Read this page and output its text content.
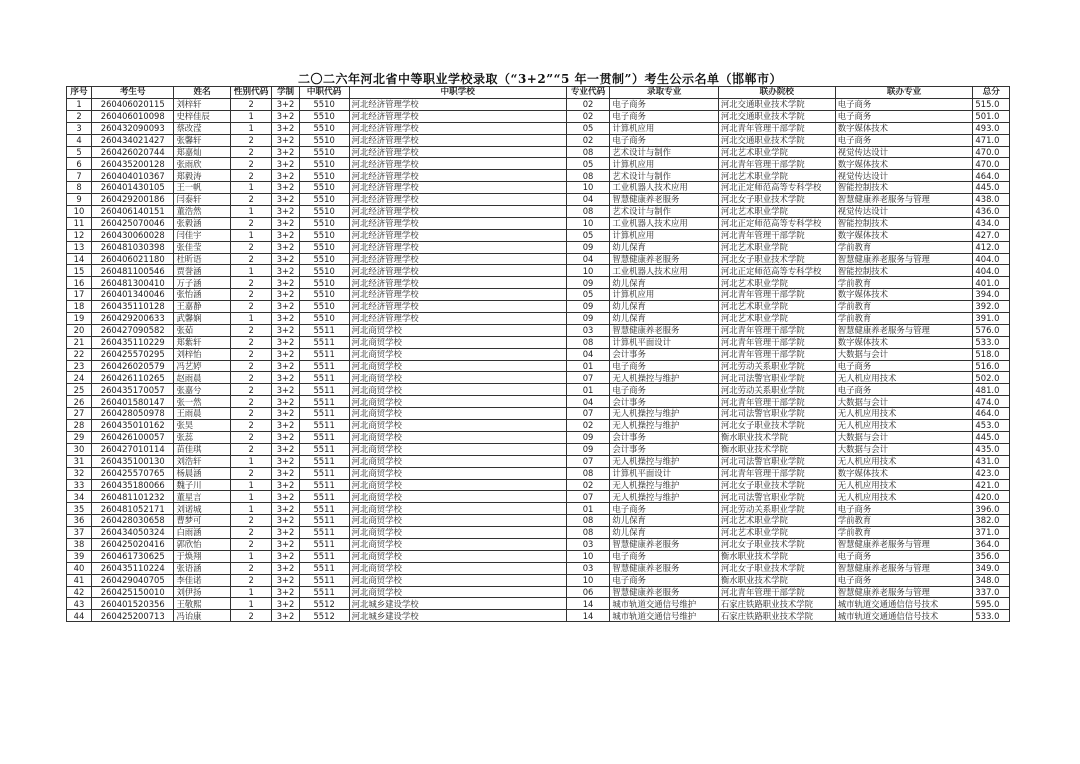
二〇二六年河北省中等职业学校录取（“3+2”“5 年一贯制”）考生公示名单（邯郸市）
序号	考生号	姓名	性别代码	学制	中职代码	中职学校	专业代码	录取专业	联办院校	联办专业	总分
1	260406020115	刘梓轩	2	3+2	5510	河北经济管理学校	02	电子商务	河北交通职业技术学院	电子商务	515.0
2	260406010098	史梓佳辰	1	3+2	5510	河北经济管理学校	02	电子商务	河北交通职业技术学院	电子商务	501.0
3	260432090093	蔡改滢	1	3+2	5510	河北经济管理学校	05	计算机应用	河北青年管理干部学院	数字媒体技术	493.0
4	260434021427	张馨轩	2	3+2	5510	河北经济管理学校	02	电子商务	河北交通职业技术学院	电子商务	471.0
5	260426020744	郑嘉灿	2	3+2	5510	河北经济管理学校	08	艺术设计与制作	河北艺术职业学院	视觉传达设计	470.0
6	260435200128	张雨欣	2	3+2	5510	河北经济管理学校	05	计算机应用	河北青年管理干部学院	数字媒体技术	470.0
7	260404010367	郑毅涛	2	3+2	5510	河北经济管理学校	08	艺术设计与制作	河北艺术职业学院	视觉传达设计	464.0
8	260401430105	王一帆	1	3+2	5510	河北经济管理学校	10	工业机器人技术应用	河北正定师范高等专科学校	智能控制技术	445.0
9	260429200186	闫泰轩	2	3+2	5510	河北经济管理学校	04	智慧健康养老服务	河北女子职业技术学院	智慧健康养老服务与管理	438.0
10	260406140151	董浩然	1	3+2	5510	河北经济管理学校	08	艺术设计与制作	河北艺术职业学院	视觉传达设计	436.0
11	260425070046	张毅涵	2	3+2	5510	河北经济管理学校	10	工业机器人技术应用	河北正定师范高等专科学校	智能控制技术	434.0
12	260430060028	闫佳宇	1	3+2	5510	河北经济管理学校	05	计算机应用	河北青年管理干部学院	数字媒体技术	427.0
13	260481030398	张佳莹	2	3+2	5510	河北经济管理学校	09	幼儿保育	河北艺术职业学院	学前教育	412.0
14	260406021180	杜昕语	2	3+2	5510	河北经济管理学校	04	智慧健康养老服务	河北女子职业技术学院	智慧健康养老服务与管理	404.0
15	260481100546	贾誉涵	1	3+2	5510	河北经济管理学校	10	工业机器人技术应用	河北正定师范高等专科学校	智能控制技术	404.0
16	260481300410	万子涵	2	3+2	5510	河北经济管理学校	09	幼儿保育	河北艺术职业学院	学前教育	401.0
17	260401340046	张怡涵	2	3+2	5510	河北经济管理学校	05	计算机应用	河北青年管理干部学院	数字媒体技术	394.0
18	260435110128	王嘉静	2	3+2	5510	河北经济管理学校	09	幼儿保育	河北艺术职业学院	学前教育	392.0
19	260429200633	武馨娴	1	3+2	5510	河北经济管理学校	09	幼儿保育	河北艺术职业学院	学前教育	391.0
20	260427090582	张茹	2	3+2	5511	河北商贸学校	03	智慧健康养老服务	河北青年管理干部学院	智慧健康养老服务与管理	576.0
21	260435110229	郑紫轩	2	3+2	5511	河北商贸学校	08	计算机平面设计	河北青年管理干部学院	数字媒体技术	533.0
22	260425570295	刘梓怡	2	3+2	5511	河北商贸学校	04	会计事务	河北青年管理干部学院	大数据与会计	518.0
23	260426020579	冯艺婷	2	3+2	5511	河北商贸学校	01	电子商务	河北劳动关系职业学院	电子商务	516.0
24	260426110265	赵雨晨	2	3+2	5511	河北商贸学校	07	无人机操控与维护	河北司法警官职业学院	无人机应用技术	502.0
25	260435170057	张嘉兮	2	3+2	5511	河北商贸学校	01	电子商务	河北劳动关系职业学院	电子商务	481.0
26	260401580147	张一然	2	3+2	5511	河北商贸学校	04	会计事务	河北青年管理干部学院	大数据与会计	474.0
27	260428050978	王雨晨	2	3+2	5511	河北商贸学校	07	无人机操控与维护	河北司法警官职业学院	无人机应用技术	464.0
28	260435010162	张昊	2	3+2	5511	河北商贸学校	02	无人机操控与维护	河北女子职业技术学院	无人机应用技术	453.0
29	260426100057	张蕊	2	3+2	5511	河北商贸学校	09	会计事务	衡水职业技术学院	大数据与会计	445.0
30	260427010114	苗佳琪	2	3+2	5511	河北商贸学校	09	会计事务	衡水职业技术学院	大数据与会计	435.0
31	260435100130	刘浩轩	1	3+2	5511	河北商贸学校	07	无人机操控与维护	河北司法警官职业学院	无人机应用技术	431.0
32	260425570765	杨晨涵	2	3+2	5511	河北商贸学校	08	计算机平面设计	河北青年管理干部学院	数字媒体技术	423.0
33	260435180066	魏子川	1	3+2	5511	河北商贸学校	02	无人机操控与维护	河北女子职业技术学院	无人机应用技术	421.0
34	260481101232	董星言	1	3+2	5511	河北商贸学校	07	无人机操控与维护	河北司法警官职业学院	无人机应用技术	420.0
35	260481052171	刘诺城	1	3+2	5511	河北商贸学校	01	电子商务	河北劳动关系职业学院	电子商务	396.0
36	260428030658	曹梦可	2	3+2	5511	河北商贸学校	08	幼儿保育	河北艺术职业学院	学前教育	382.0
37	260434050324	白雨涵	2	3+2	5511	河北商贸学校	08	幼儿保育	河北艺术职业学院	学前教育	371.0
38	260425020416	郭欣怡	2	3+2	5511	河北商贸学校	03	智慧健康养老服务	河北女子职业技术学院	智慧健康养老服务与管理	364.0
39	260461730625	于焕翔	1	3+2	5511	河北商贸学校	10	电子商务	衡水职业技术学院	电子商务	356.0
40	260435110224	张语涵	2	3+2	5511	河北商贸学校	03	智慧健康养老服务	河北女子职业技术学院	智慧健康养老服务与管理	349.0
41	260429040705	李佳诺	2	3+2	5511	河北商贸学校	10	电子商务	衡水职业技术学院	电子商务	348.0
42	260425150010	刘伊扬	1	3+2	5511	河北商贸学校	06	智慧健康养老服务	河北青年管理干部学院	智慧健康养老服务与管理	337.0
43	260401520356	王敬熙	1	3+2	5512	河北城乡建设学校	14	城市轨道交通信号维护	石家庄铁路职业技术学院	城市轨道交通通信信号技术	595.0
44	260425200713	冯诒康	2	3+2	5512	河北城乡建设学校	14	城市轨道交通信号维护	石家庄铁路职业技术学院	城市轨道交通通信信号技术	533.0
